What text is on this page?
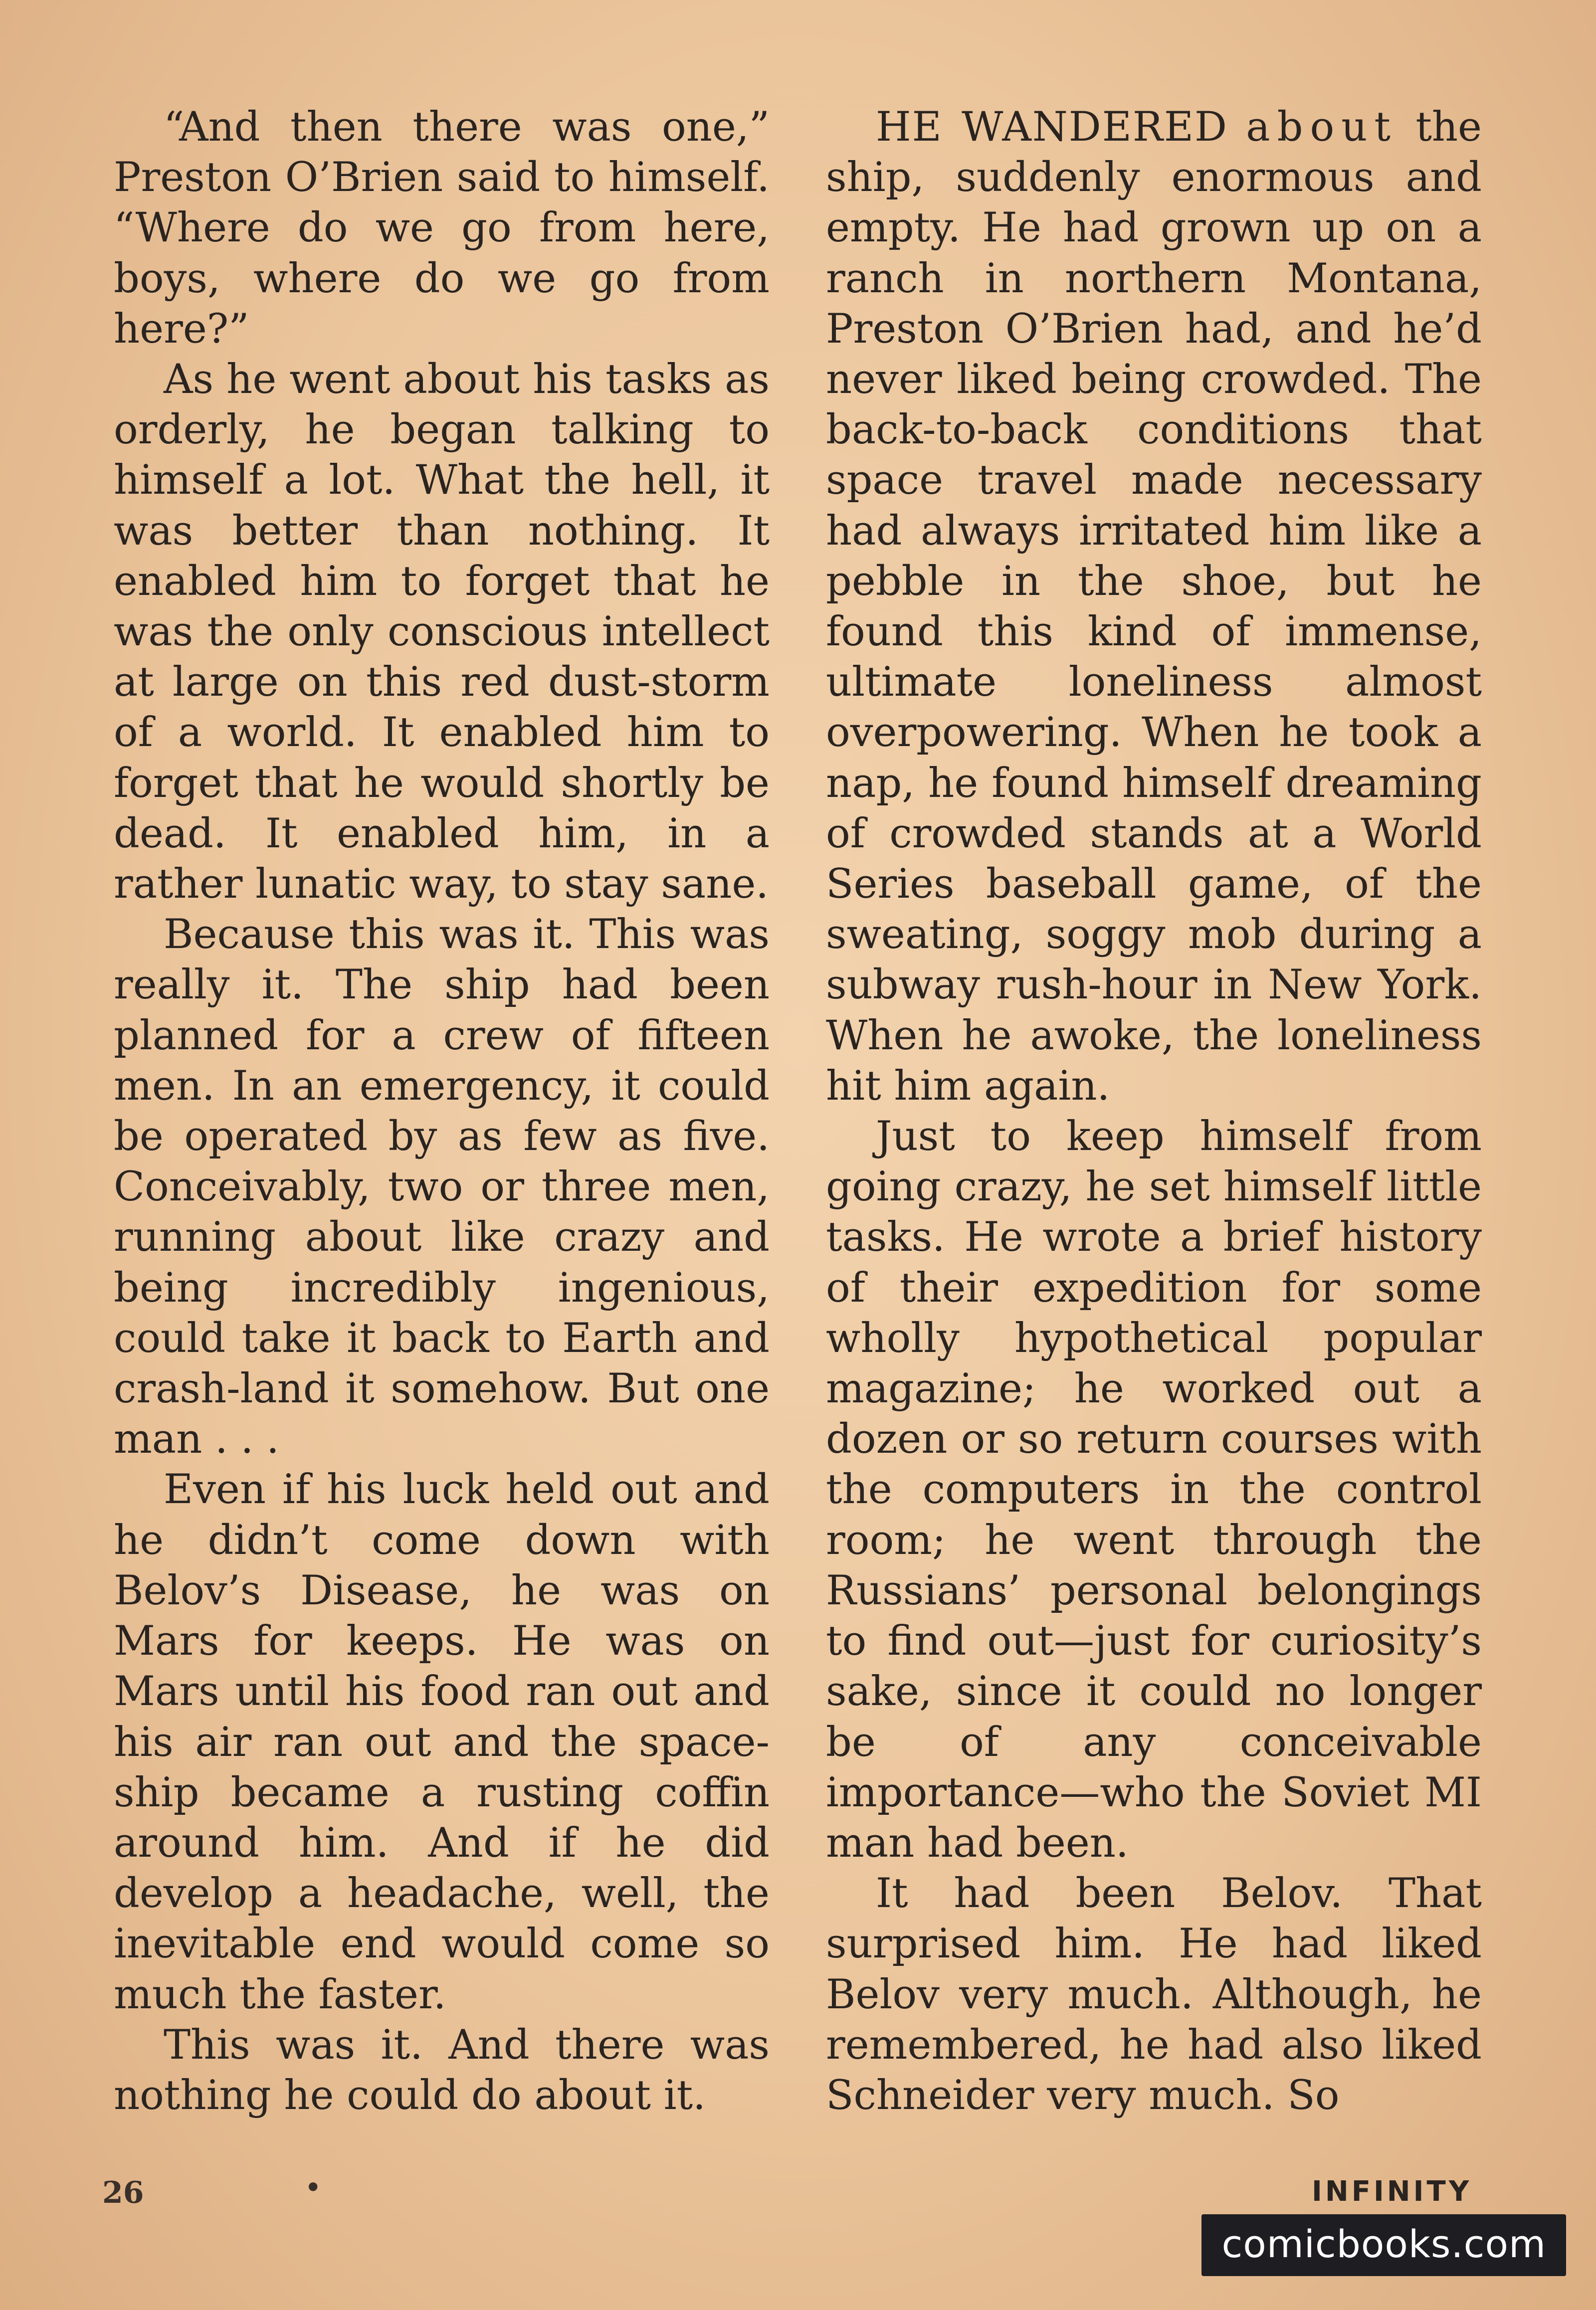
“And then there was one,” Preston O’Brien said to himself. “Where do we go from here, boys, where do we go from here?”

As he went about his tasks as orderly, he began talking to himself a lot. What the hell, it was better than nothing. It enabled him to forget that he was the only conscious intellect at large on this red dust-storm of a world. It enabled him to forget that he would shortly be dead. It enabled him, in a rather lunatic way, to stay sane.

Because this was it. This was really it. The ship had been planned for a crew of fifteen men. In an emergency, it could be operated by as few as five. Conceivably, two or three men, running about like crazy and being incredibly ingenious, could take it back to Earth and crash-land it somehow. But one man . . .

Even if his luck held out and he didn’t come down with Belov’s Disease, he was on Mars for keeps. He was on Mars until his food ran out and his air ran out and the space-ship became a rusting coffin around him. And if he did develop a headache, well, the inevitable end would come so much the faster.

This was it. And there was nothing he could do about it.

HE WANDERED about the ship, suddenly enormous and empty. He had grown up on a ranch in northern Montana, Preston O’Brien had, and he’d never liked being crowded. The back-to-back conditions that space travel made necessary had always irritated him like a pebble in the shoe, but he found this kind of immense, ultimate loneliness almost overpowering. When he took a nap, he found himself dreaming of crowded stands at a World Series baseball game, of the sweating, soggy mob during a subway rush-hour in New York. When he awoke, the loneliness hit him again.

Just to keep himself from going crazy, he set himself little tasks. He wrote a brief history of their expedition for some wholly hypothetical popular magazine; he worked out a dozen or so return courses with the computers in the control room; he went through the Russians’ personal belongings to find out—just for curiosity’s sake, since it could no longer be of any conceivable importance—who the Soviet MI man had been.

It had been Belov. That surprised him. He had liked Belov very much. Although, he remembered, he had also liked Schneider very much. So

26	•	INFINITY
comicbooks.com
